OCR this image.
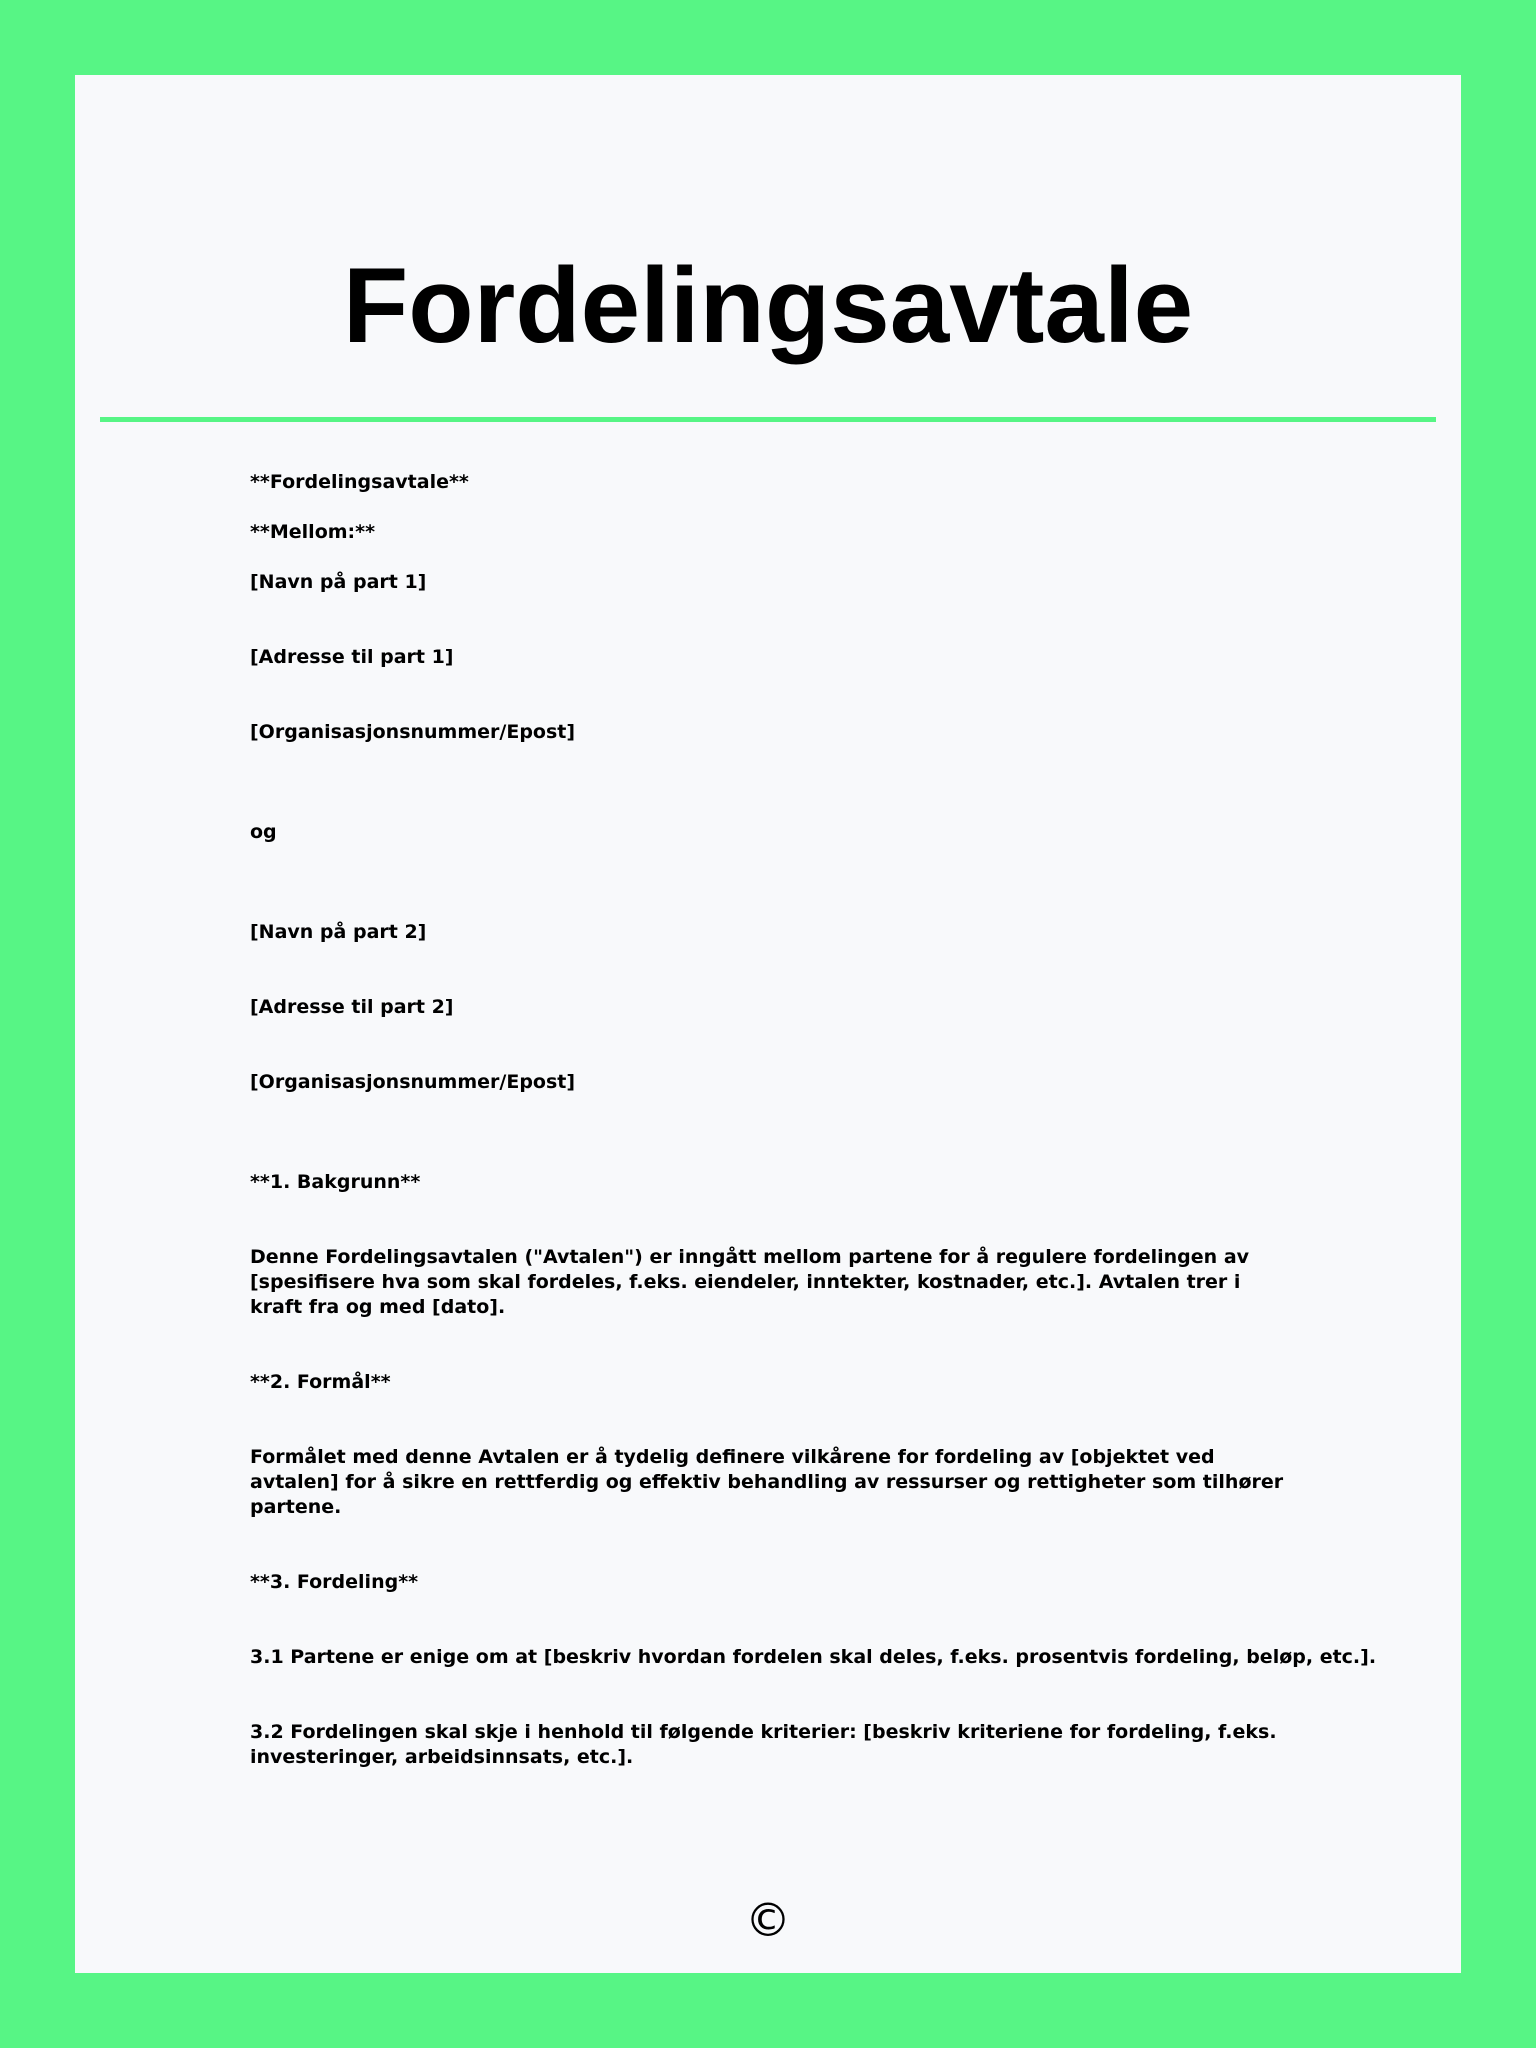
Fordelingsavtale

**Fordelingsavtale**

**Mellom:**

[Navn på part 1]

[Adresse til part 1]

[Organisasjonsnummer/Epost]

og

[Navn på part 2]

[Adresse til part 2]

[Organisasjonsnummer/Epost]

**1. Bakgrunn**

Denne Fordelingsavtalen ("Avtalen") er inngått mellom partene for å regulere fordelingen av [spesifisere hva som skal fordeles, f.eks. eiendeler, inntekter, kostnader, etc.]. Avtalen trer i kraft fra og med [dato].

**2. Formål**

Formålet med denne Avtalen er å tydelig definere vilkårene for fordeling av [objektet ved avtalen] for å sikre en rettferdig og effektiv behandling av ressurser og rettigheter som tilhører partene.

**3. Fordeling**

3.1 Partene er enige om at [beskriv hvordan fordelen skal deles, f.eks. prosentvis fordeling, beløp, etc.].

3.2 Fordelingen skal skje i henhold til følgende kriterier: [beskriv kriteriene for fordeling, f.eks. investeringer, arbeidsinnsats, etc.].

©
